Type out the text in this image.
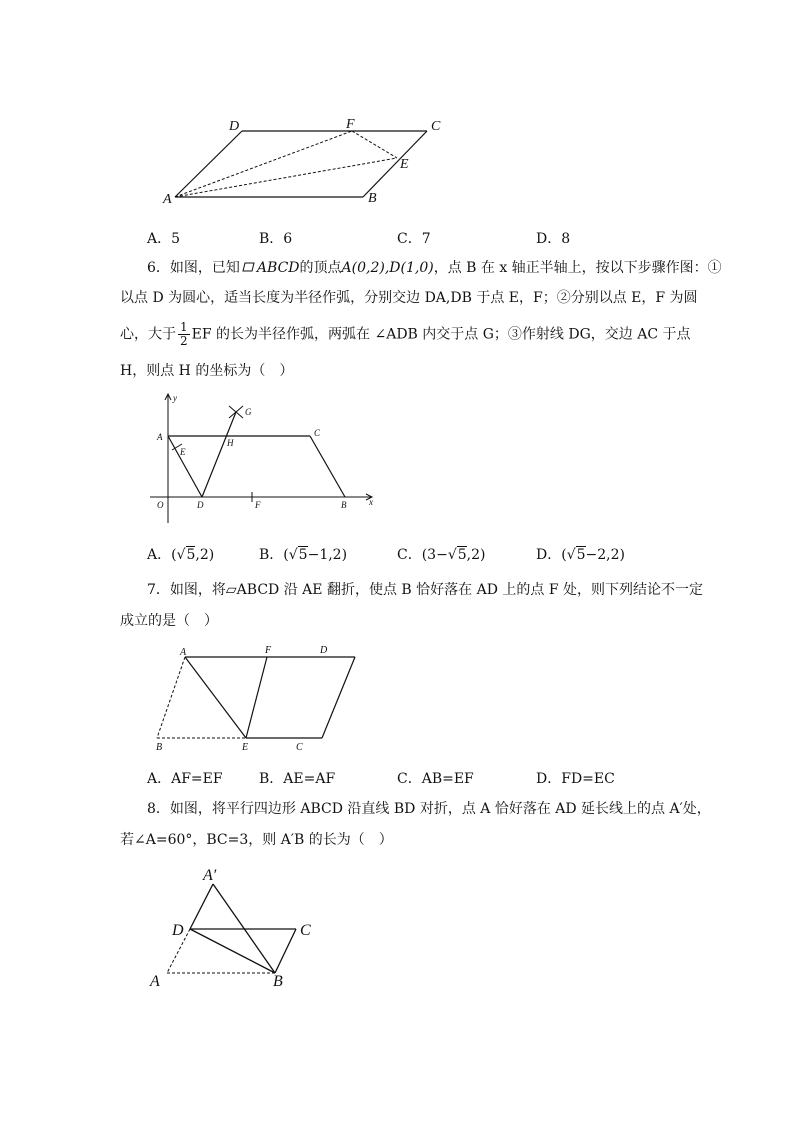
D	F	C
E
A	B
A．5	B．6	C．7	D．8
6．如图，已知 ABCD的顶点A(0,2),D(1,0)，点 B 在 x 轴正半轴上，按以下步骤作图：①
以点 D 为圆心，适当长度为半径作弧，分别交边 DA,DB 于点 E，F；②分别以点 E，F 为圆
心，大于 $\frac{1}{2}$ EF 的长为半径作弧，两弧在 ∠ADB 内交于点 G；③作射线 DG，交边 AC 于点
H，则点 H 的坐标为（　）
y
A
E
G
H
C
O	D	F	B	x
A．(√5,2)	B．(√5−1,2)	C．(3−√5,2)	D．(√5−2,2)
7．如图，将▱ABCD 沿 AE 翻折，使点 B 恰好落在 AD 上的点 F 处，则下列结论不一定
成立的是（　）
A	F	D
B	E	C
A．AF=EF	B．AE=AF	C．AB=EF	D．FD=EC
8．如图，将平行四边形 ABCD 沿直线 BD 对折，点 A 恰好落在 AD 延长线上的点 A′处，
若∠A=60°，BC=3，则 A′B 的长为（　）
A′
D	C
A	B
